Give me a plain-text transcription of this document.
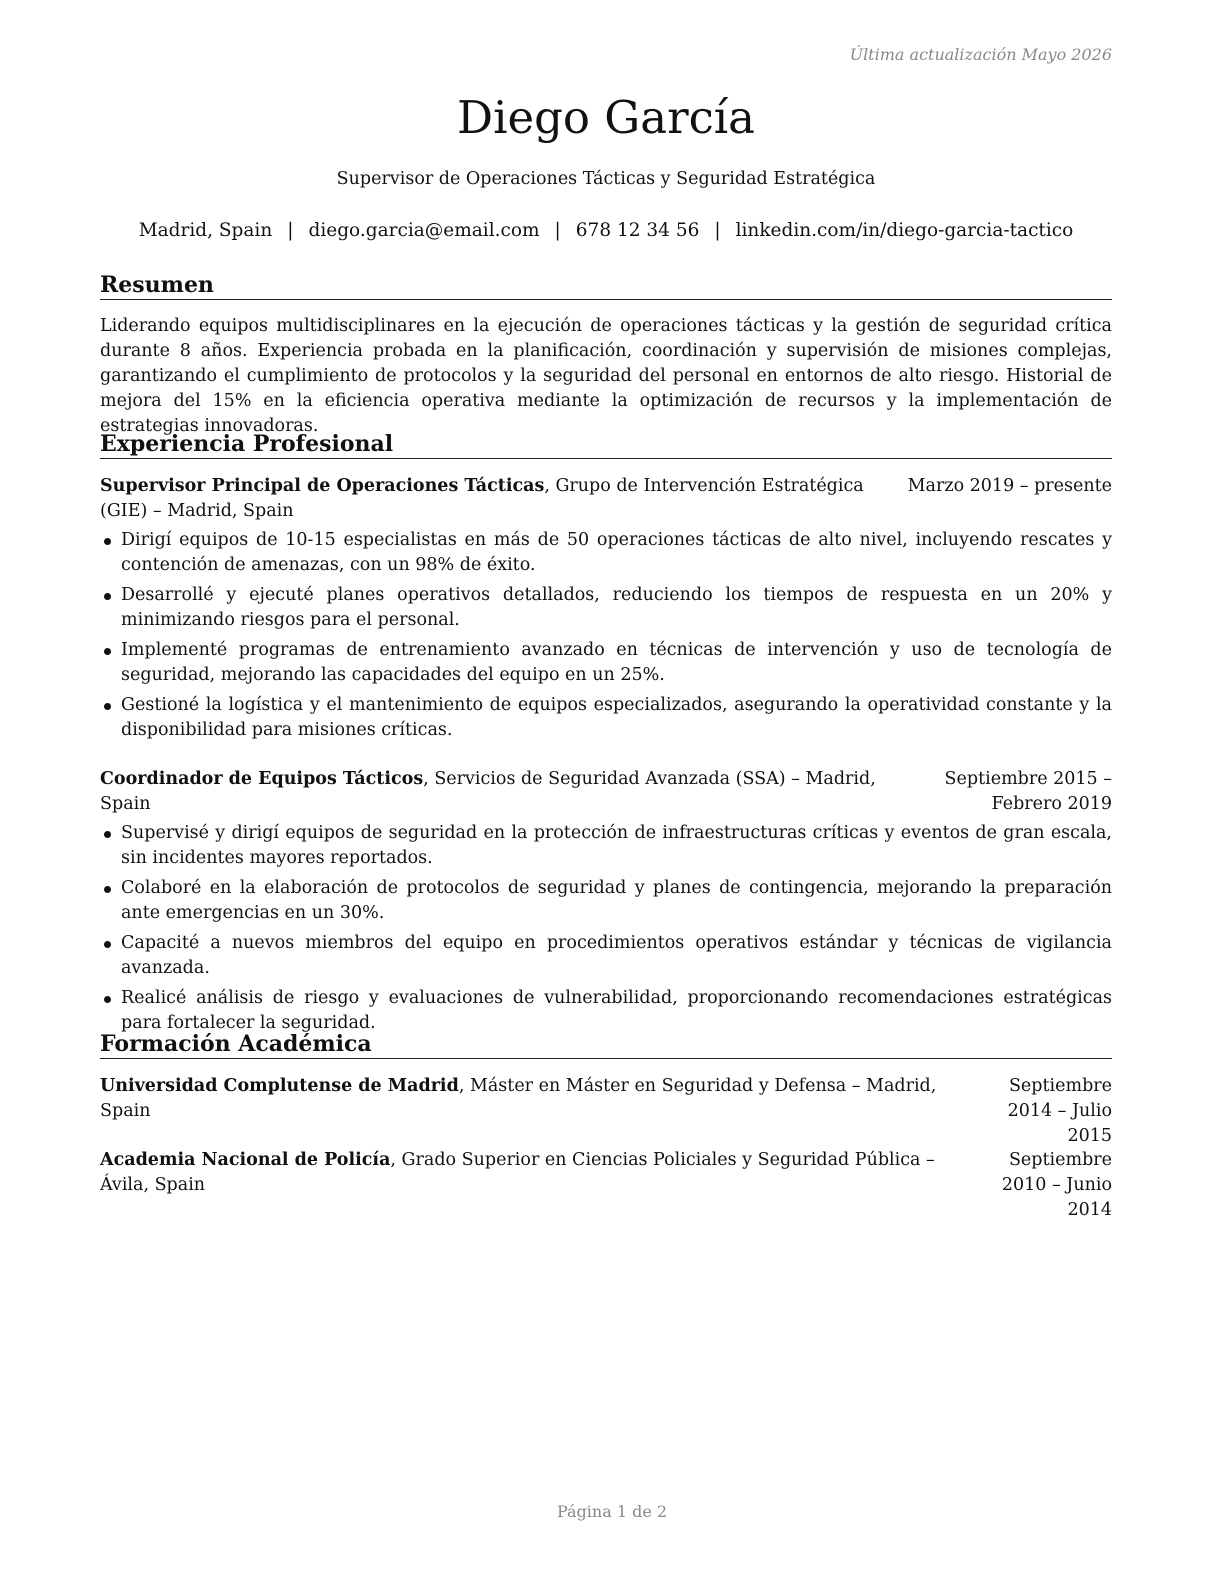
Última actualización Mayo 2026
Diego García
Supervisor de Operaciones Tácticas y Seguridad Estratégica
Madrid, Spain | diego.garcia@email.com | 678 12 34 56 | linkedin.com/in/diego-garcia-tactico
Resumen

Liderando equipos multidisciplinares en la ejecución de operaciones tácticas y la gestión de seguridad crítica durante 8 años. Experiencia probada en la planificación, coordinación y supervisión de misiones complejas, garantizando el cumplimiento de protocolos y la seguridad del personal en entornos de alto riesgo. Historial de mejora del 15% en la eficiencia operativa mediante la optimización de recursos y la implementación de estrategias innovadoras.

Experiencia Profesional
Supervisor Principal de Operaciones Tácticas, Grupo de Intervención Estratégica (GIE) – Madrid, Spain
Marzo 2019 – presente
Dirigí equipos de 10-15 especialistas en más de 50 operaciones tácticas de alto nivel, incluyendo rescates y contención de amenazas, con un 98% de éxito.
Desarrollé y ejecuté planes operativos detallados, reduciendo los tiempos de respuesta en un 20% y minimizando riesgos para el personal.
Implementé programas de entrenamiento avanzado en técnicas de intervención y uso de tecnología de seguridad, mejorando las capacidades del equipo en un 25%.
Gestioné la logística y el mantenimiento de equipos especializados, asegurando la operatividad constante y la disponibilidad para misiones críticas.
Coordinador de Equipos Tácticos, Servicios de Seguridad Avanzada (SSA) – Madrid, Spain
Septiembre 2015 – Febrero 2019
Supervisé y dirigí equipos de seguridad en la protección de infraestructuras críticas y eventos de gran escala, sin incidentes mayores reportados.
Colaboré en la elaboración de protocolos de seguridad y planes de contingencia, mejorando la preparación ante emergencias en un 30%.
Capacité a nuevos miembros del equipo en procedimientos operativos estándar y técnicas de vigilancia avanzada.
Realicé análisis de riesgo y evaluaciones de vulnerabilidad, proporcionando recomendaciones estratégicas para fortalecer la seguridad.
Formación Académica
Universidad Complutense de Madrid, Máster en Máster en Seguridad y Defensa – Madrid, Spain
Septiembre 2014 – Julio 2015
Academia Nacional de Policía, Grado Superior en Ciencias Policiales y Seguridad Pública – Ávila, Spain
Septiembre 2010 – Junio 2014
Página 1 de 2
